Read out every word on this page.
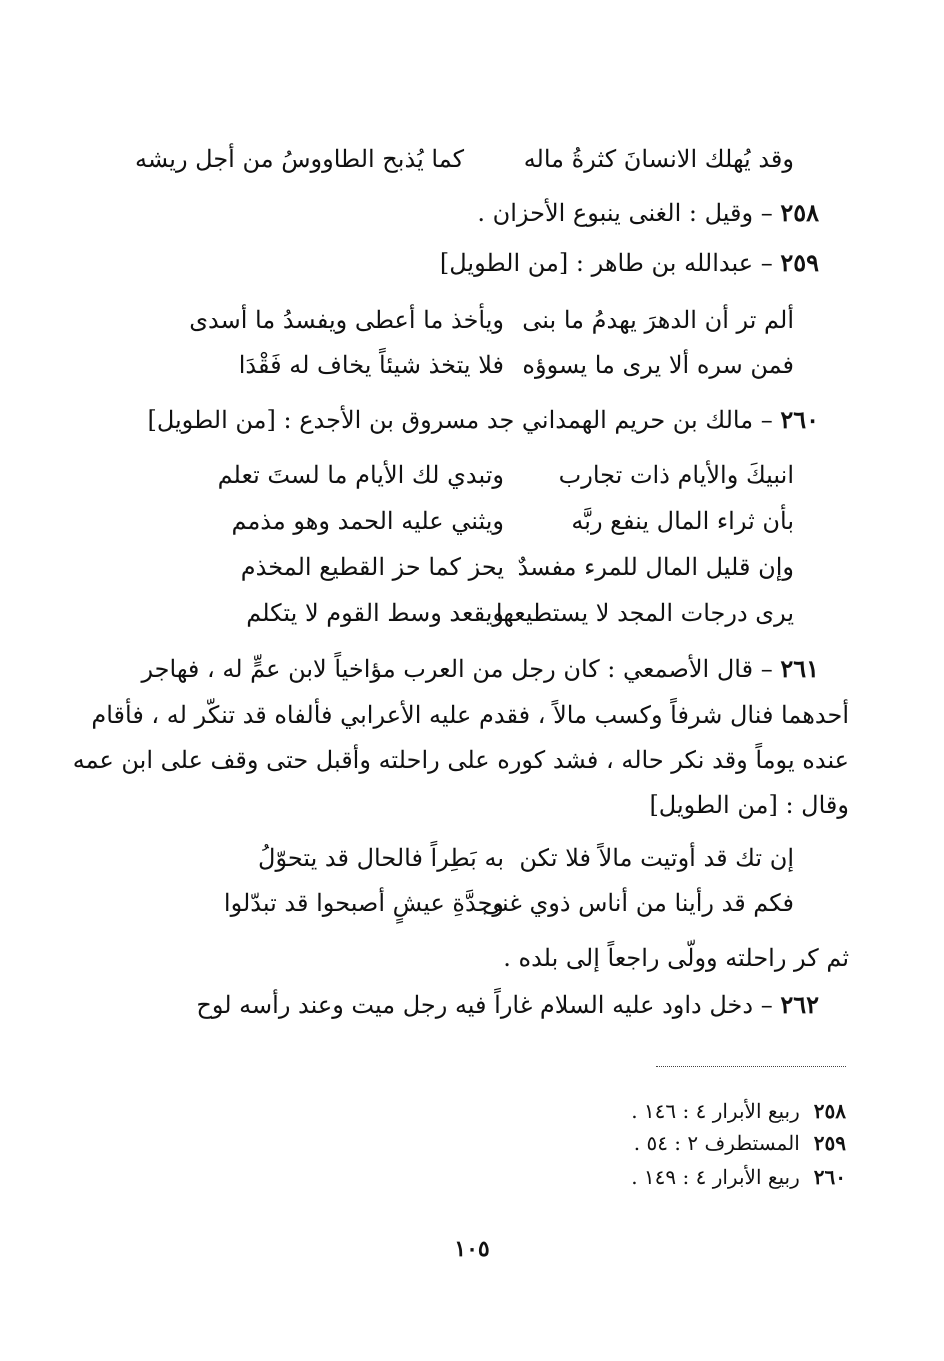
وقد يُهلك الانسانَ كثرةُ ماله
كما يُذبح الطاووسُ من أجل ريشه
٢٥٨ – وقيل : الغنى ينبوع الأحزان .
٢٥٩ – عبدالله بن طاهر : [من الطويل]
ألم تر أن الدهرَ يهدمُ ما بنى
ويأخذ ما أعطى ويفسدُ ما أسدى
فمن سره ألا يرى ما يسوؤه
فلا يتخذ شيئاً يخاف له فَقْدَا
٢٦٠ – مالك بن حريم الهمداني جد مسروق بن الأجدع : [من الطويل]
انبيكَ والأيام ذات تجارب
وتبدي لك الأيام ما لستَ تعلم
بأن ثراء المال ينفع ربَّه
ويثني عليه الحمد وهو مذمم
وإن قليل المال للمرء مفسدٌ
يحز كما حز القطيع المخذم
يرى درجات المجد لا يستطيعها
ويقعد وسط القوم لا يتكلم
٢٦١ – قال الأصمعي : كان رجل من العرب مؤاخياً لابن عمٍّ له ، فهاجر
أحدهما فنال شرفاً وكسب مالاً ، فقدم عليه الأعرابي فألفاه قد تنكّر له ، فأقام
عنده يوماً وقد نكر حاله ، فشد كوره على راحلته وأقبل حتى وقف على ابن عمه
وقال : [من الطويل]
إن تك قد أوتيت مالاً فلا تكن
به بَطِراً فالحال قد يتحوّلُ
فكم قد رأينا من أناس ذوي غنى
وجدَّةِ عيشٍ أصبحوا قد تبدّلوا
ثم كر راحلته وولّى راجعاً إلى بلده .
٢٦٢ – دخل داود عليه السلام غاراً فيه رجل ميت وعند رأسه لوح
٢٥٨ربيع الأبرار ٤ : ١٤٦ .
٢٥٩المستطرف ٢ : ٥٤ .
٢٦٠ربيع الأبرار ٤ : ١٤٩ .
١٠٥
